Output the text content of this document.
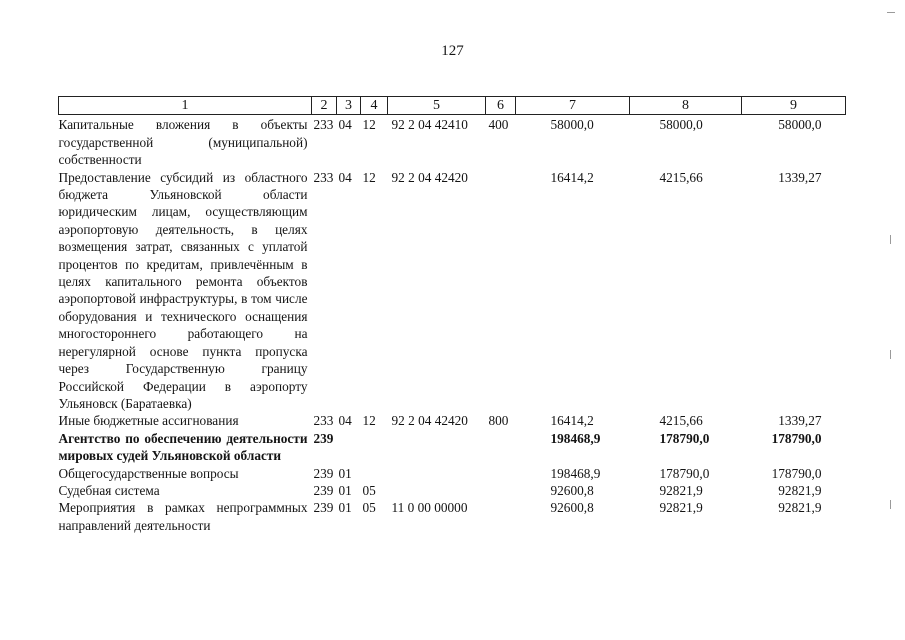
127
1	2	3	4	5	6	7	8	9
Капитальные вложения в объекты государственной (муниципальной) собственности	233	04	12	92 2 04 42410	400	58000,0	58000,0	58000,0
Предоставление субсидий из областного бюджета Ульяновской области юридическим лицам, осуществляющим аэропортовую деятельность, в целях возмещения затрат, связанных с уплатой процентов по кредитам, привлечённым в целях капитального ремонта объектов аэропортовой инфраструктуры, в том числе оборудования и технического оснащения многостороннего работающего на нерегулярной основе пункта пропуска через Государственную границу Российской Федерации в аэропорту Ульяновск (Баратаевка)	233	04	12	92 2 04 42420		16414,2	4215,66	1339,27
Иные бюджетные ассигнования	233	04	12	92 2 04 42420	800	16414,2	4215,66	1339,27
Агентство по обеспечению деятельности мировых судей Ульяновской области	239					198468,9	178790,0	178790,0
Общегосударственные вопросы	239	01				198468,9	178790,0	178790,0
Судебная система	239	01	05			92600,8	92821,9	92821,9
Мероприятия в рамках непрограммных направлений деятельности	239	01	05	11 0 00 00000		92600,8	92821,9	92821,9
